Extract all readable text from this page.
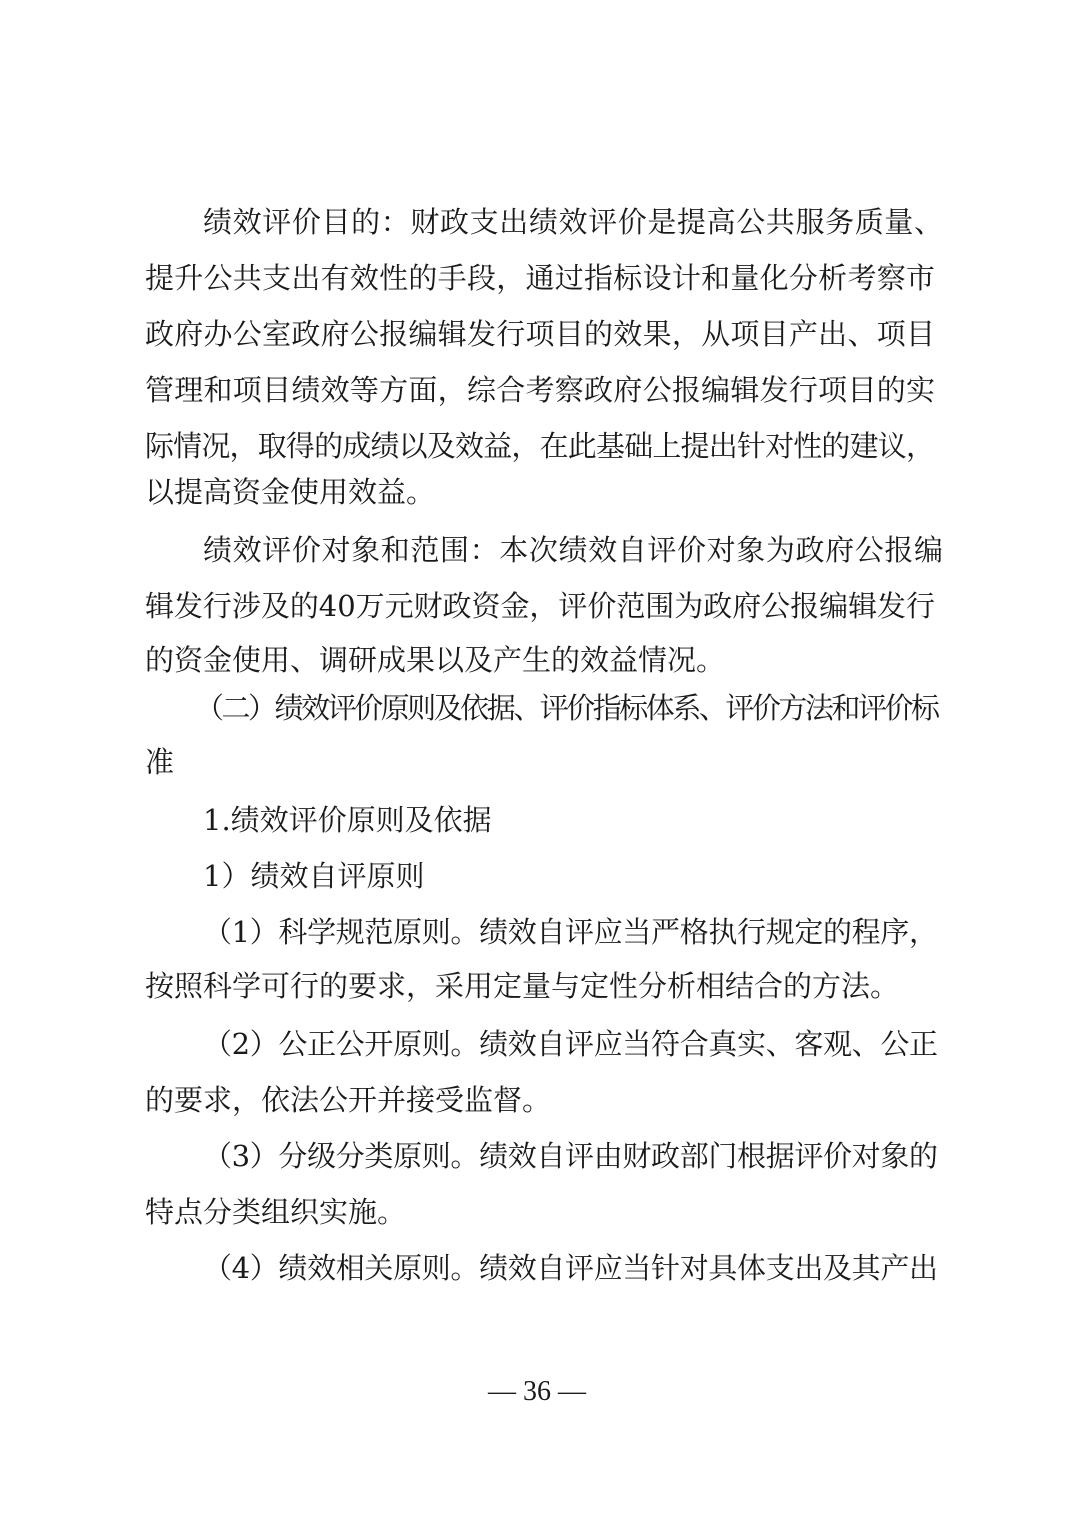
绩效评价目的：财政支出绩效评价是提高公共服务质量、
提升公共支出有效性的手段，通过指标设计和量化分析考察市
政府办公室政府公报编辑发行项目的效果，从项目产出、项目
管理和项目绩效等方面，综合考察政府公报编辑发行项目的实
际情况，取得的成绩以及效益，在此基础上提出针对性的建议，
以提高资金使用效益。
绩效评价对象和范围：本次绩效自评价对象为政府公报编
辑发行涉及的40万元财政资金，评价范围为政府公报编辑发行
的资金使用、调研成果以及产生的效益情况。
（二）绩效评价原则及依据、评价指标体系、评价方法和评价标
准
1.绩效评价原则及依据
1）绩效自评原则
（1）科学规范原则。绩效自评应当严格执行规定的程序，
按照科学可行的要求，采用定量与定性分析相结合的方法。
（2）公正公开原则。绩效自评应当符合真实、客观、公正
的要求，依法公开并接受监督。
（3）分级分类原则。绩效自评由财政部门根据评价对象的
特点分类组织实施。
（4）绩效相关原则。绩效自评应当针对具体支出及其产出
— 36 —
